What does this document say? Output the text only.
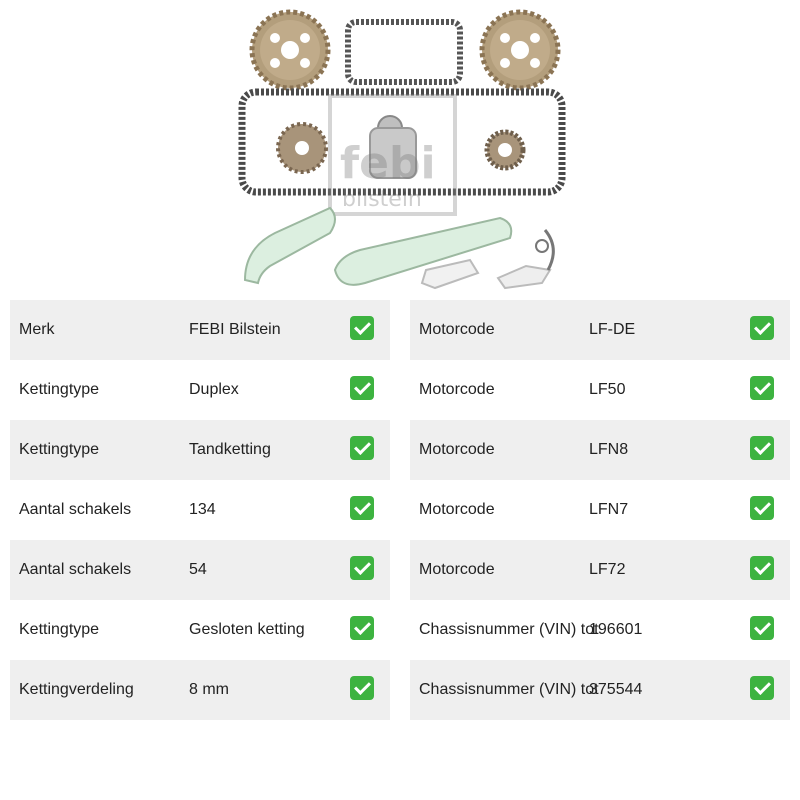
febi
bilstein
Merk	FEBI Bilstein
Kettingtype	Duplex
Kettingtype	Tandketting
Aantal schakels	134
Aantal schakels	54
Kettingtype	Gesloten ketting
Kettingverdeling	8 mm
Motorcode	LF-DE
Motorcode	LF50
Motorcode	LFN8
Motorcode	LFN7
Motorcode	LF72
Chassisnummer (VIN) tot
196601
Chassisnummer (VIN) tot
375544
